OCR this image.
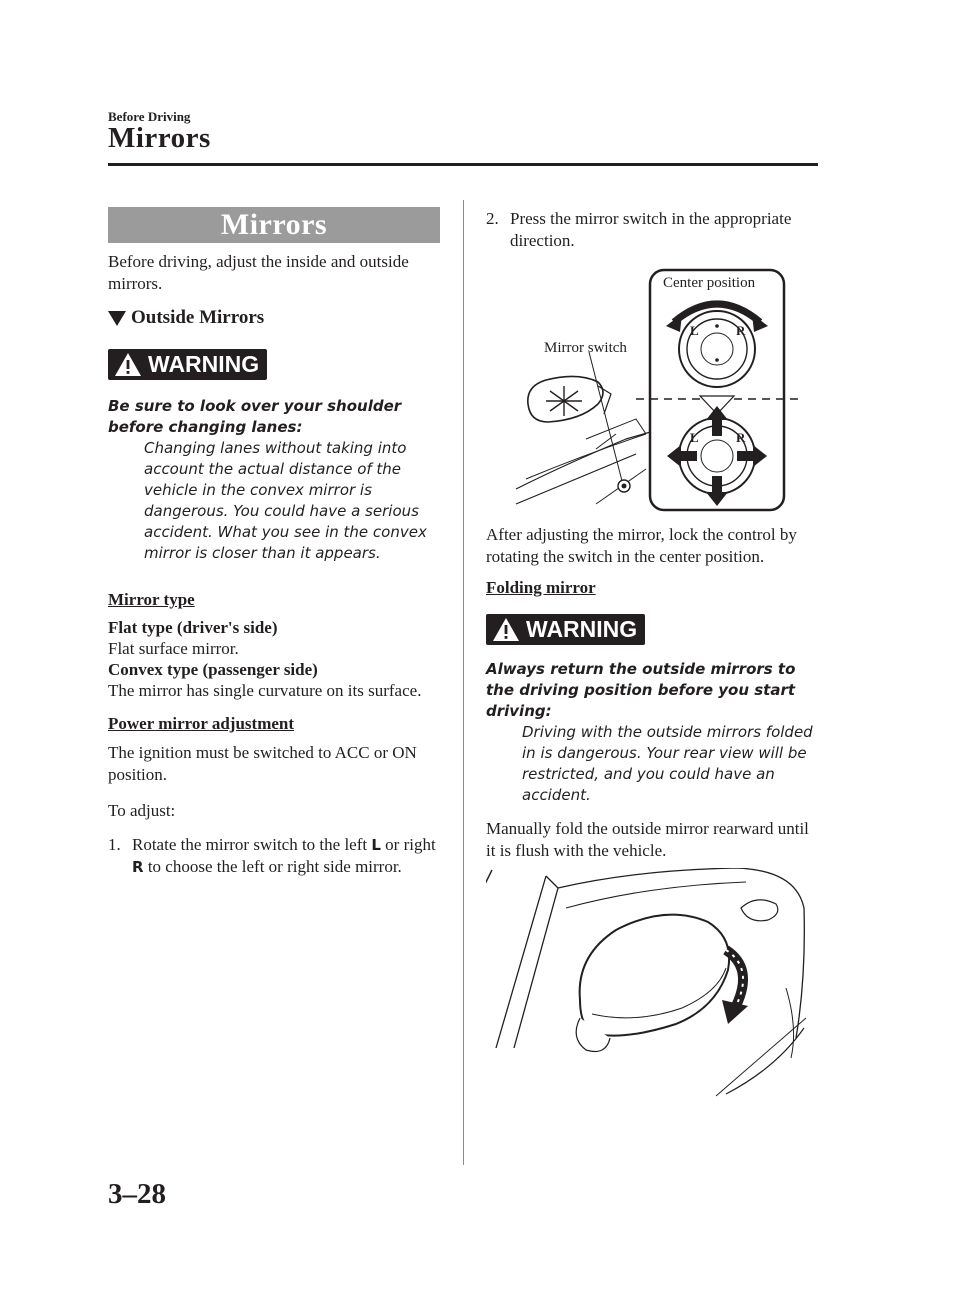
Before Driving
Mirrors
Mirrors

Before driving, adjust the inside and outside mirrors.

Outside Mirrors
WARNING
Be sure to look over your shoulder before changing lanes:
Changing lanes without taking into account the actual distance of the vehicle in the convex mirror is dangerous. You could have a serious accident. What you see in the convex mirror is closer than it appears.
Mirror type
Flat type (driver's side)

Flat surface mirror.

Convex type (passenger side)

The mirror has single curvature on its surface.

Power mirror adjustment

The ignition must be switched to ACC or ON position.

To adjust:

1. Rotate the mirror switch to the left L or right R to choose the left or right side mirror.
2. Press the mirror switch in the appropriate direction.
Mirror switch
Center position
L	R
L	R

After adjusting the mirror, lock the control by rotating the switch in the center position.

Folding mirror
WARNING
Always return the outside mirrors to the driving position before you start driving:
Driving with the outside mirrors folded in is dangerous. Your rear view will be restricted, and you could have an accident.

Manually fold the outside mirror rearward until it is flush with the vehicle.

3–28
